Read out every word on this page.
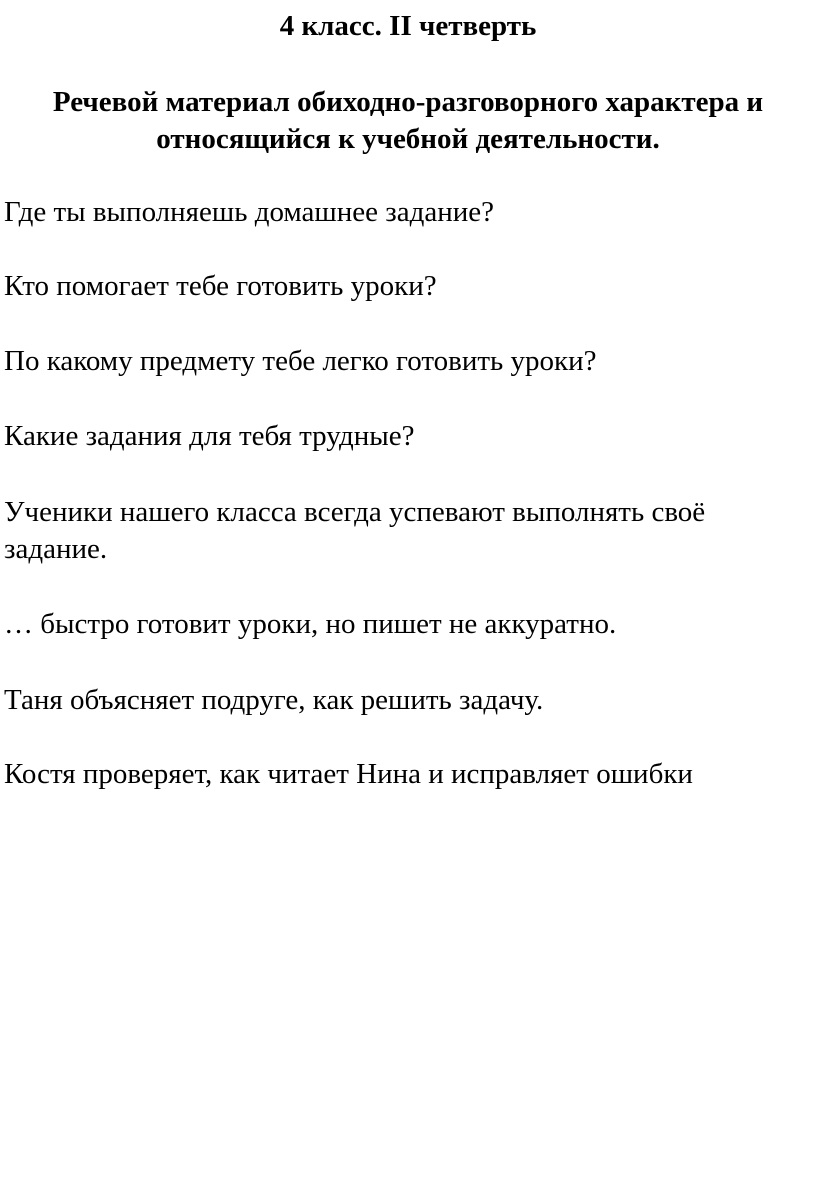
4 класс. II четверть
Речевой материал обиходно-разговорного характера и
относящийся к учебной деятельности.

Где ты выполняешь домашнее задание?

Кто помогает тебе готовить уроки?

По какому предмету тебе легко готовить уроки?

Какие задания для тебя трудные?

Ученики нашего класса всегда успевают выполнять своё задание.

… быстро готовит уроки, но пишет не аккуратно.

Таня объясняет подруге, как решить задачу.

Костя проверяет, как читает Нина и исправляет ошибки
